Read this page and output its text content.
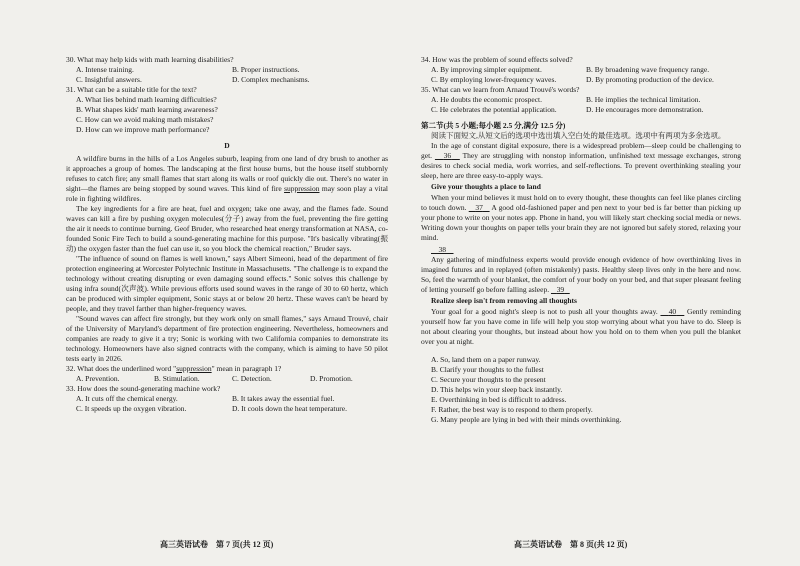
30. What may help kids with math learning disabilities?

A. Intense training.	B. Proper instructions.
C. Insightful answers.	D. Complex mechanisms.

31. What can be a suitable title for the text?

A. What lies behind math learning difficulties?
B. What shapes kids' math learning awareness?
C. How can we avoid making math mistakes?
D. How can we improve math performance?
D

A wildfire burns in the hills of a Los Angeles suburb, leaping from one land of dry brush to another as it approaches a group of homes. The landscaping at the first house burns, but the house itself stubbornly refuses to catch fire; any small flames that start along its walls or roof quickly die out. There's no water in sight—the flames are being stopped by sound waves. This kind of fire suppression may soon play a vital role in fighting wildfires.

The key ingredients for a fire are heat, fuel and oxygen; take one away, and the flames fade. Sound waves can kill a fire by pushing oxygen molecules(分子) away from the fuel, preventing the fire getting the air it needs to continue burning. Geof Bruder, who researched heat energy transformation at NASA, co-founded Sonic Fire Tech to build a sound-generating machine for this purpose. "It's basically vibrating(振动) the oxygen faster than the fuel can use it, so you block the chemical reaction," Bruder says.

"The influence of sound on flames is well known," says Albert Simeoni, head of the department of fire protection engineering at Worcester Polytechnic Institute in Massachusetts. "The challenge is to expand the technology without creating disrupting or even damaging sound effects." Sonic solves this challenge by using infra sound(次声波). While previous efforts used sound waves in the range of 30 to 60 hertz, which can be produced with simpler equipment, Sonic stays at or below 20 hertz. These waves can't be heard by people, and they travel farther than higher-frequency waves.

"Sound waves can affect fire strongly, but they work only on small flames," says Arnaud Trouvé, chair of the University of Maryland's department of fire protection engineering. Nevertheless, homeowners and companies are ready to give it a try; Sonic is working with two California companies to demonstrate its technology. Homeowners have also signed contracts with the company, which is aiming to have 50 pilot tests early in 2026.

32. What does the underlined word "suppression" mean in paragraph 1?

A. Prevention.	B. Stimulation.	C. Detection.	D. Promotion.

33. How does the sound-generating machine work?

A. It cuts off the chemical energy.	B. It takes away the essential fuel.
C. It speeds up the oxygen vibration.	D. It cools down the heat temperature.
高三英语试卷　第 7 页(共 12 页)

34. How was the problem of sound effects solved?

A. By improving simpler equipment.	B. By broadening wave frequency range.
C. By employing lower-frequency waves.	D. By promoting production of the device.

35. What can we learn from Arnaud Trouvé's words?

A. He doubts the economic prospect.	B. He implies the technical limitation.
C. He celebrates the potential application.	D. He encourages more demonstration.

第二节(共 5 小题;每小题 2.5 分,满分 12.5 分)

阅读下面短文,从短文后的选项中选出填入空白处的最佳选项。选项中有两项为多余选项。

In the age of constant digital exposure, there is a widespread problem—sleep could be challenging to get.    36    They are struggling with nonstop information, unfinished text message exchanges, strong desires to check social media, work worries, and self-reflections. To prevent overthinking stealing your sleep, here are three easy-to-apply ways.

Give your thoughts a place to land

When your mind believes it must hold on to every thought, these thoughts can feel like planes circling to touch down.    37    A good old-fashioned paper and pen next to your bed is far better than picking up your phone to write on your notes app. Phone in hand, you will likely start checking social media or news. Writing down your thoughts on paper tells your brain they are not ignored but safely stored, relaxing your mind.

38

Any gathering of mindfulness experts would provide enough evidence of how overthinking lives in imagined futures and in replayed (often mistakenly) pasts. Healthy sleep lives only in the here and now. So, feel the warmth of your blanket, the comfort of your body on your bed, and that super pleasant feeling of letting yourself go before falling asleep.    39

Realize sleep isn't from removing all thoughts

Your goal for a good night's sleep is not to push all your thoughts away.    40    Gently reminding yourself how far you have come in life will help you stop worrying about what you have to do. Sleep is not about clearing your thoughts, but instead about how you hold on to them when you pull the blanket over you at night.

A. So, land them on a paper runway.
B. Clarify your thoughts to the fullest
C. Secure your thoughts to the present
D. This helps win your sleep back instantly.
E. Overthinking in bed is difficult to address.
F. Rather, the best way is to respond to them properly.
G. Many people are lying in bed with their minds overthinking.
高三英语试卷　第 8 页(共 12 页)
